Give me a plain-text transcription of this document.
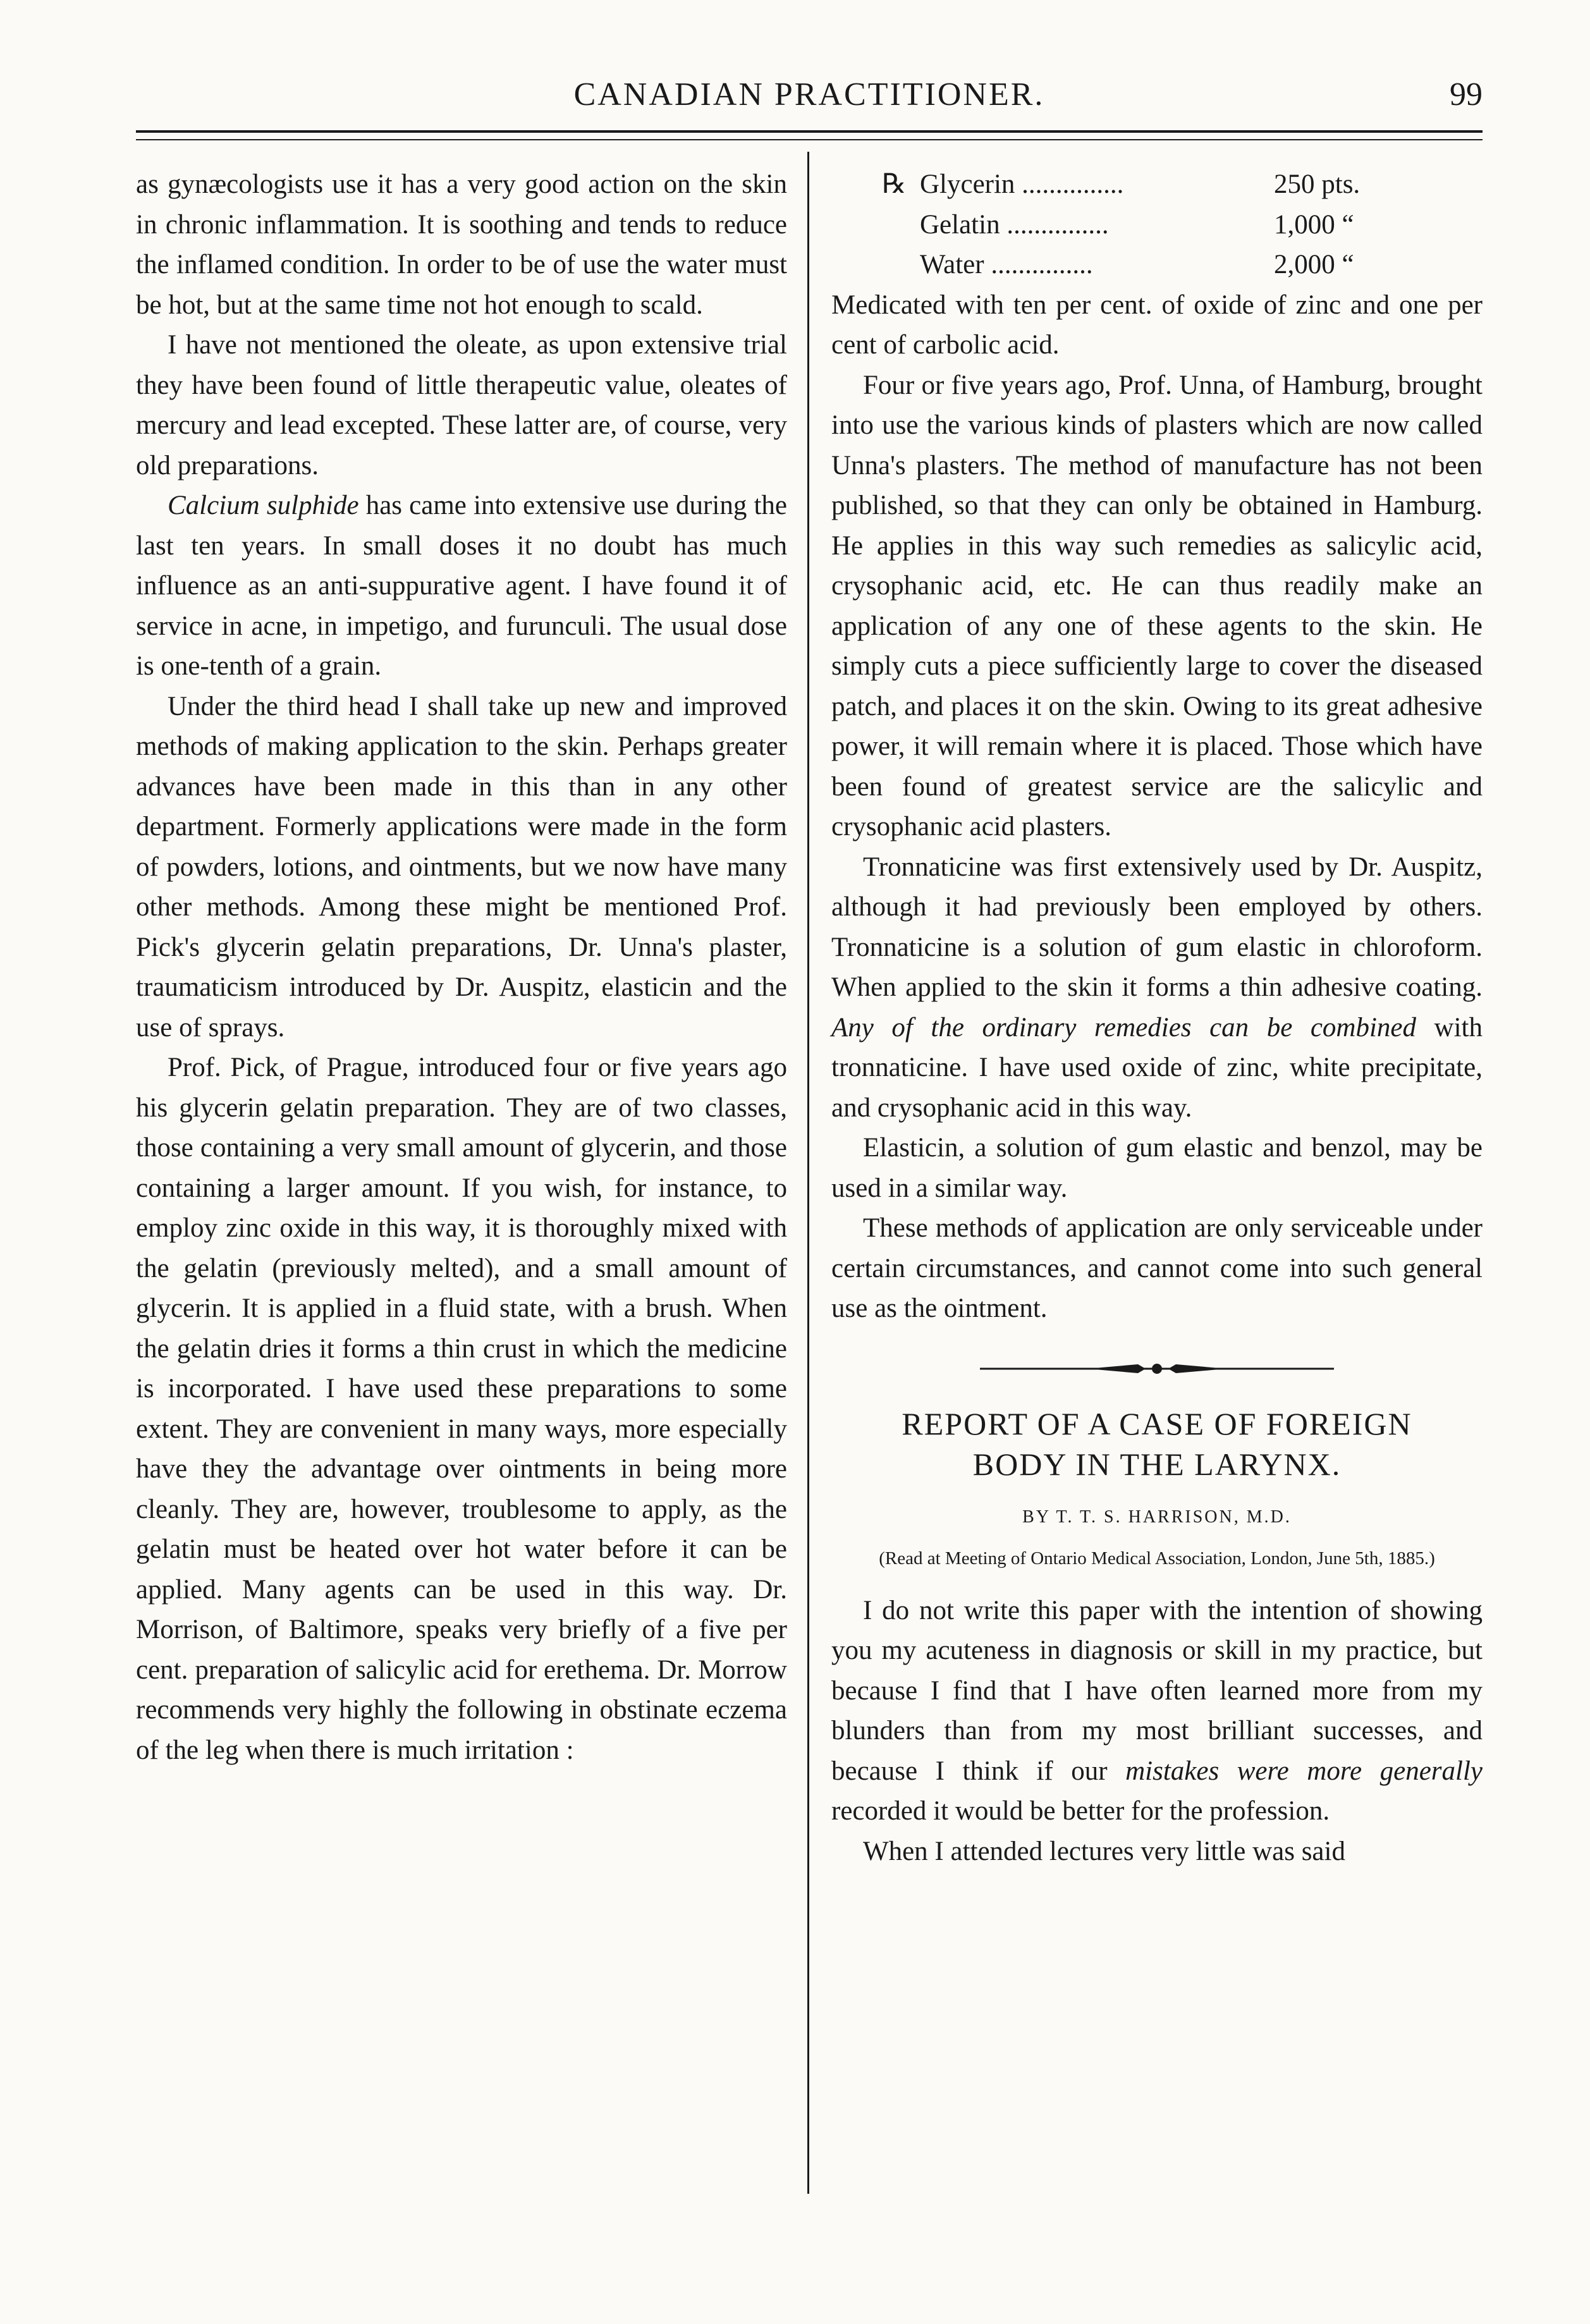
CANADIAN PRACTITIONER.	99

as gynæcologists use it has a very good action on the skin in chronic inflammation. It is soothing and tends to reduce the inflamed condition. In order to be of use the water must be hot, but at the same time not hot enough to scald.

I have not mentioned the oleate, as upon extensive trial they have been found of little therapeutic value, oleates of mercury and lead excepted. These latter are, of course, very old preparations.

Calcium sulphide has came into extensive use during the last ten years. In small doses it no doubt has much influence as an anti-suppurative agent. I have found it of service in acne, in impetigo, and furunculi. The usual dose is one-tenth of a grain.

Under the third head I shall take up new and improved methods of making application to the skin. Perhaps greater advances have been made in this than in any other department. Formerly applications were made in the form of powders, lotions, and ointments, but we now have many other methods. Among these might be mentioned Prof. Pick's glycerin gelatin preparations, Dr. Unna's plaster, traumaticism introduced by Dr. Auspitz, elasticin and the use of sprays.

Prof. Pick, of Prague, introduced four or five years ago his glycerin gelatin preparation. They are of two classes, those containing a very small amount of glycerin, and those containing a larger amount. If you wish, for instance, to employ zinc oxide in this way, it is thoroughly mixed with the gelatin (previously melted), and a small amount of glycerin. It is applied in a fluid state, with a brush. When the gelatin dries it forms a thin crust in which the medicine is incorporated. I have used these preparations to some extent. They are convenient in many ways, more especially have they the advantage over ointments in being more cleanly. They are, however, troublesome to apply, as the gelatin must be heated over hot water before it can be applied. Many agents can be used in this way. Dr. Morrison, of Baltimore, speaks very briefly of a five per cent. preparation of salicylic acid for erethema. Dr. Morrow recommends very highly the following in obstinate eczema of the leg when there is much irritation :

℞ Glycerin ...............	250 pts.
Gelatin ...............	1,000 “
Water ...............	2,000 “

Medicated with ten per cent. of oxide of zinc and one per cent of carbolic acid.

Four or five years ago, Prof. Unna, of Hamburg, brought into use the various kinds of plasters which are now called Unna's plasters. The method of manufacture has not been published, so that they can only be obtained in Hamburg. He applies in this way such remedies as salicylic acid, crysophanic acid, etc. He can thus readily make an application of any one of these agents to the skin. He simply cuts a piece sufficiently large to cover the diseased patch, and places it on the skin. Owing to its great adhesive power, it will remain where it is placed. Those which have been found of greatest service are the salicylic and crysophanic acid plasters.

Tronnaticine was first extensively used by Dr. Auspitz, although it had previously been employed by others. Tronnaticine is a solution of gum elastic in chloroform. When applied to the skin it forms a thin adhesive coating. Any of the ordinary remedies can be combined with tronnaticine. I have used oxide of zinc, white precipitate, and crysophanic acid in this way.

Elasticin, a solution of gum elastic and benzol, may be used in a similar way.

These methods of application are only serviceable under certain circumstances, and cannot come into such general use as the ointment.

REPORT OF A CASE OF FOREIGN
BODY IN THE LARYNX.
BY T. T. S. HARRISON, M.D.
(Read at Meeting of Ontario Medical Association, London, June 5th, 1885.)

I do not write this paper with the intention of showing you my acuteness in diagnosis or skill in my practice, but because I find that I have often learned more from my blunders than from my most brilliant successes, and because I think if our mistakes were more generally recorded it would be better for the profession.

When I attended lectures very little was said
